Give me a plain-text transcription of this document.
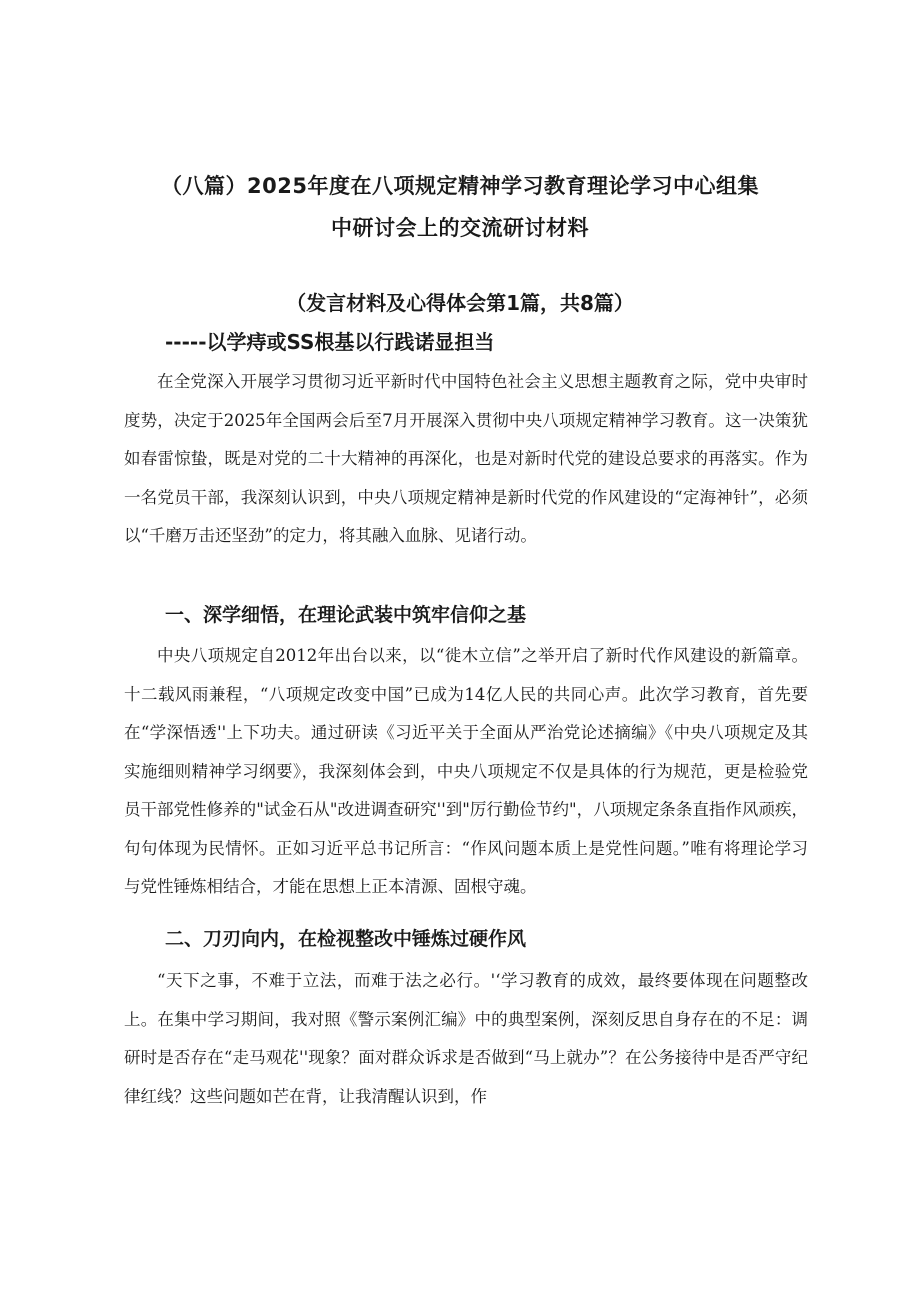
（八篇）2025年度在八项规定精神学习教育理论学习中心组集
中研讨会上的交流研讨材料

（发言材料及心得体会第1篇，共8篇）

-----以学痔或SS根基以行践诺显担当

在全党深入开展学习贯彻习近平新时代中国特色社会主义思想主题教育之际，党中央审时度势，决定于2025年全国两会后至7月开展深入贯彻中央八项规定精神学习教育。这一决策犹如春雷惊蛰，既是对党的二十大精神的再深化，也是对新时代党的建设总要求的再落实。作为一名党员干部，我深刻认识到，中央八项规定精神是新时代党的作风建设的“定海神针”，必须以“千磨万击还坚劲”的定力，将其融入血脉、见诸行动。

一、深学细悟，在理论武装中筑牢信仰之基

中央八项规定自2012年出台以来，以“徙木立信”之举开启了新时代作风建设的新篇章。十二载风雨兼程，“八项规定改变中国”已成为14亿人民的共同心声。此次学习教育，首先要在“学深悟透''上下功夫。通过研读《习近平关于全面从严治党论述摘编》《中央八项规定及其实施细则精神学习纲要》，我深刻体会到，中央八项规定不仅是具体的行为规范，更是检验党员干部党性修养的"试金石从"改进调查研究''到"厉行勤俭节约"，八项规定条条直指作风顽疾，句句体现为民情怀。正如习近平总书记所言：“作风问题本质上是党性问题。”唯有将理论学习与党性锤炼相结合，才能在思想上正本清源、固根守魂。

二、刀刃向内，在检视整改中锤炼过硬作风

“天下之事，不难于立法，而难于法之必行。'‘学习教育的成效，最终要体现在问题整改上。在集中学习期间，我对照《警示案例汇编》中的典型案例，深刻反思自身存在的不足：调研时是否存在“走马观花''现象？面对群众诉求是否做到“马上就办”？在公务接待中是否严守纪律红线？这些问题如芒在背，让我清醒认识到，作
